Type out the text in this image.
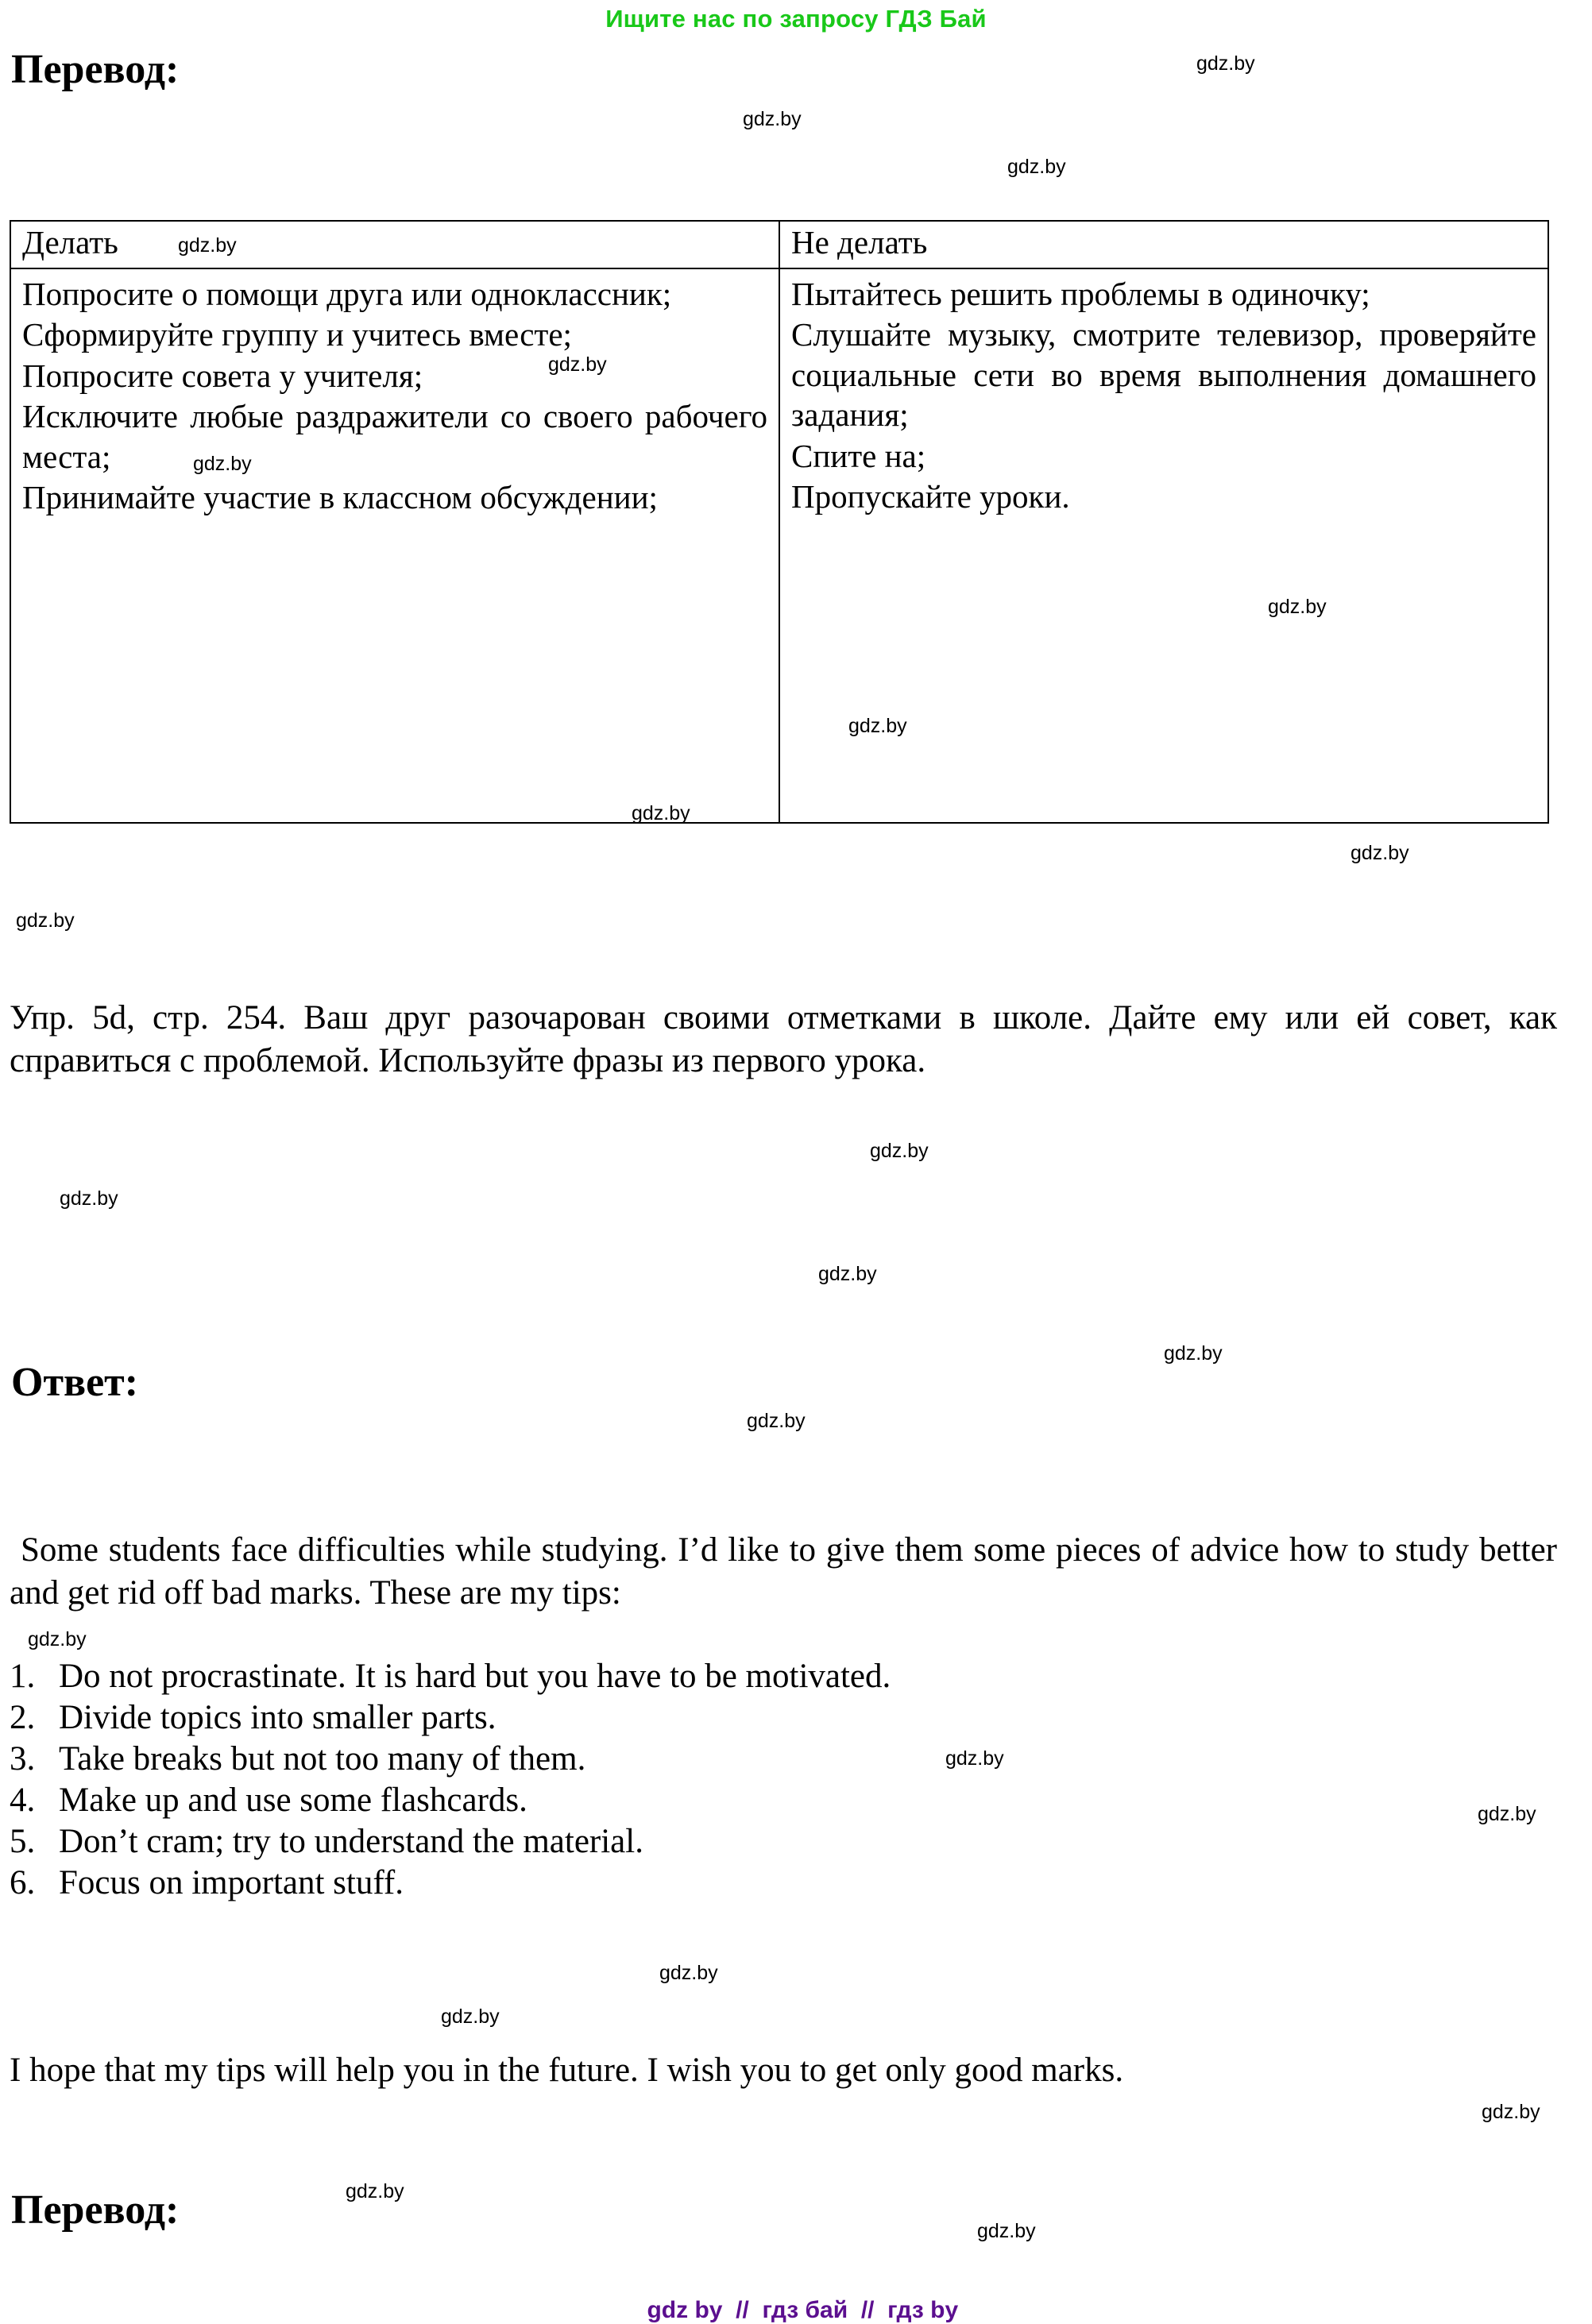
Ищите нас по запросу ГДЗ Бай
Перевод:
Делать	Не делать

Попросите о помощи друга или одноклассник;
Сформируйте группу и учитесь вместе;
Попросите совета у учителя;
Исключите любые раздражители со своего рабочего места;
Принимайте участие в классном обсуждении;

Пытайтесь решить проблемы в одиночку;
Слушайте музыку, смотрите телевизор, проверяйте социальные сети во время выполнения домашнего задания;
Спите на;
Пропускайте уроки.
Упр. 5d, стр. 254. Ваш друг разочарован своими отметками в школе. Дайте ему или ей совет, как справиться с проблемой. Используйте фразы из первого урока.
Ответ:
Some students face difficulties while studying. I’d like to give them some pieces of advice how to study better and get rid off bad marks. These are my tips:
1. Do not procrastinate. It is hard but you have to be motivated.
2. Divide topics into smaller parts.
3. Take breaks but not too many of them.
4. Make up and use some flashcards.
5. Don’t cram; try to understand the material.
6. Focus on important stuff.
I hope that my tips will help you in the future. I wish you to get only good marks.
Перевод:
gdz.by
gdz.by
gdz.by
gdz.by
gdz.by
gdz.by
gdz.by
gdz.by
gdz.by
gdz.by
gdz.by
gdz.by
gdz.by
gdz.by
gdz.by
gdz.by
gdz.by
gdz.by
gdz.by
gdz.by
gdz.by
gdz.by
gdz.by
gdz.by

gdz by  //  гдз бай  //  гдз by
